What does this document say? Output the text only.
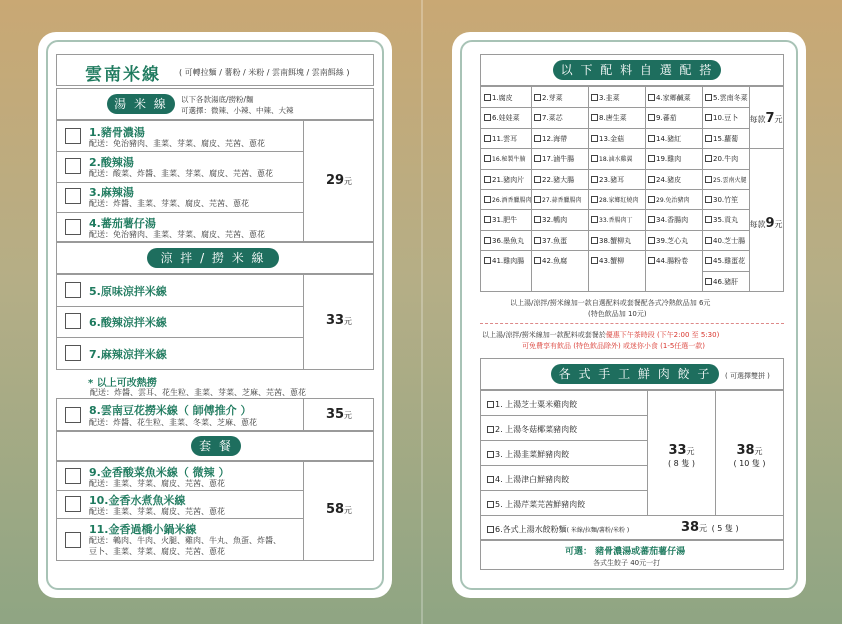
雲南米線 ( 可轉拉麵 / 薯粉 / 米粉 / 雲南餌塊 / 雲南餌絲 )
湯 米 線	以下各款湯底/撈粉/麵
可選擇：微辣、小辣、中辣、大辣
1.豬骨濃湯
配送：免治豬肉、韭菜、芽菜、腐皮、芫茜、蔥花
2.酸辣湯
配送：酸菜、炸醬、韭菜、芽菜、腐皮、芫茜、蔥花
3.麻辣湯
配送：炸醬、韭菜、芽菜、腐皮、芫茜、蔥花
4.蕃茄薯仔湯
配送：免治豬肉、韭菜、芽菜、腐皮、芫茜、蔥花
29元
涼 拌 / 撈 米 線
5.原味涼拌米線
6.酸辣涼拌米線
7.麻辣涼拌米線
33元
* 以上可改熱撈
配送：炸醬、雲耳、花生粒、韭菜、芽菜、芝麻、芫茜、蔥花
8.雲南豆花撈米線（ 師傅推介 ）
配送：炸醬、花生粒、韭菜、冬菜、芝麻、蔥花
35元
套 餐
9.金香酸菜魚米線（ 微辣 ）
配送：韭菜、芽菜、腐皮、芫茜、蔥花
10.金香水煮魚米線
配送：韭菜、芽菜、腐皮、芫茜、蔥花
11.金香過橋小鍋米線
配送：鵪肉、牛肉、火腿、雞肉、牛丸、魚蛋、炸醬、
豆卜、韭菜、芽菜、腐皮、芫茜、蔥花
58元
以 下 配 料 自 選 配 搭
1.腐皮	2.芽菜	3.韭菜	4.家鄉鹹菜	5.雲南冬菜
6.娃娃菜	7.菜芯	8.唐生菜	9.蕃茄	10.豆卜
11.雲耳	12.海帶	13.金菇	14.豬紅	15.蘿蔔
16.秘製牛腩	17.滷牛腸	18.滷水雞翼	19.雞肉	20.牛肉
21.豬肉片	22.豬大腸	23.豬耳	24.豬皮	25.雲南火腿
26.酒香臘腸肉	27.蒜香臘腸肉	28.家鄉紅燒肉	29.免治豬肉	30.竹笙
31.肥牛	32.鵪肉	33.香腸肉丁	34.香腸肉	35.貢丸
36.墨魚丸	37.魚蛋	38.蟹柳丸	39.芝心丸	40.芝士腸
41.雞肉腸	42.魚腐	43.蟹柳	44.腸粉卷	45.雞蛋花
46.豬肝
每款7元
每款9元
以上湯/涼拌/撈米線加一款自選配料或套餐配各式冷熱飲品加 6元
(特色飲品加 10元)
以上湯/涼拌/撈米線加一款配料或套餐於優惠下午茶時段 (下午2:00 至 5:30)
可免費享有飲品 (特色飲品除外) 或迷你小食 (1-5任選一款)
各 式 手 工 鮮 肉 餃 子	( 可選擇雙拼 )
1. 上湯芝士粟米雞肉餃
2. 上湯冬菇椰菜豬肉餃
3. 上湯韭菜鮮豬肉餃
4. 上湯津白鮮豬肉餃
5. 上湯芹菜芫茜鮮豬肉餃
33元
( 8 隻 )
38元
( 10 隻 )
6.各式上湯水餃粉麵( 米線/拉麵/薯粉/米粉 )	38元 ( 5 隻 )
可選： 豬骨濃湯或蕃茄薯仔湯
各式生餃子 40元一打
